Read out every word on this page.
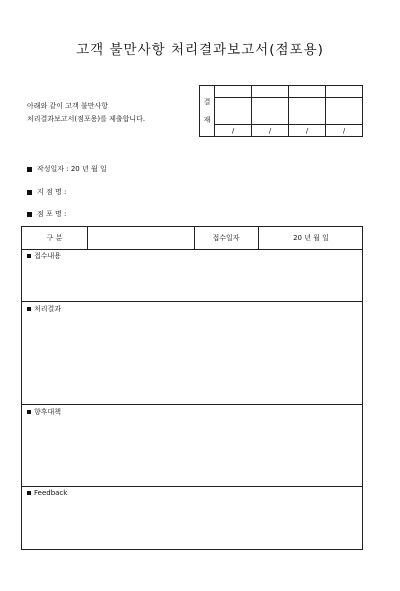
고객 불만사항 처리결과보고서(점포용)
아래와 같이 고객 불만사항
처리결과보고서(점포용)를 제출합니다.
결
재				

	/	/	/	/
작성일자 : 20 년 월 일
지 점 명 :
점 포 명 :
구 분	접수일자	20 년 월 일
접수내용
처리결과
향후대책
Feedback
